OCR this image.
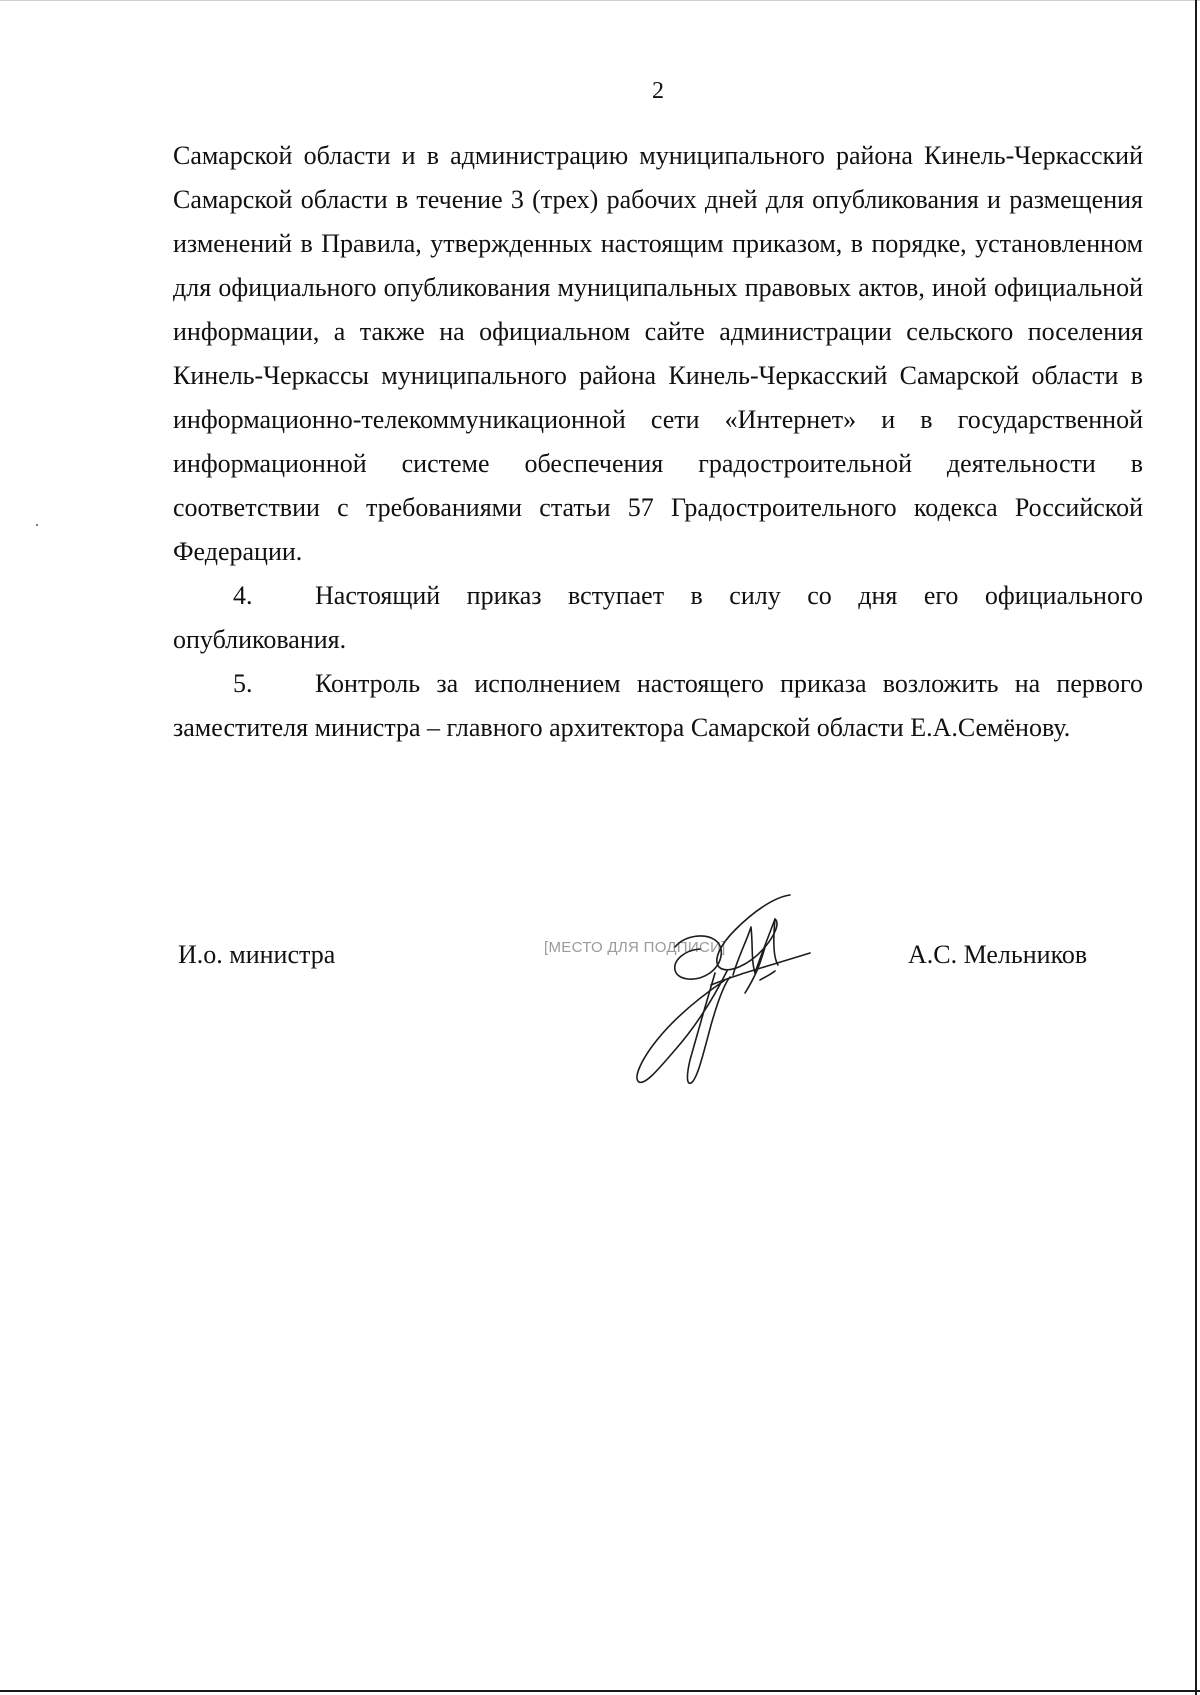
2

Самарской области и в администрацию муниципального района Кинель-Черкасский Самарской области в течение 3 (трех) рабочих дней для опубликования и размещения изменений в Правила, утвержденных настоящим приказом, в порядке, установленном для официального опубликования муниципальных правовых актов, иной официальной информации, а также на официальном сайте администрации сельского поселения Кинель-Черкассы муниципального района Кинель-Черкасский Самарской области в информационно-телекоммуникационной сети «Интернет» и в государственной информационной системе обеспечения градостроительной деятельности в соответствии с требованиями статьи 57 Градостроительного кодекса Российской Федерации.

4. Настоящий приказ вступает в силу со дня его официального опубликования.

5. Контроль за исполнением настоящего приказа возложить на первого заместителя министра – главного архитектора Самарской области Е.А.Семёнову.

И.о. министра	[МЕСТО ДЛЯ ПОДПИСИ]	А.С. Мельников
